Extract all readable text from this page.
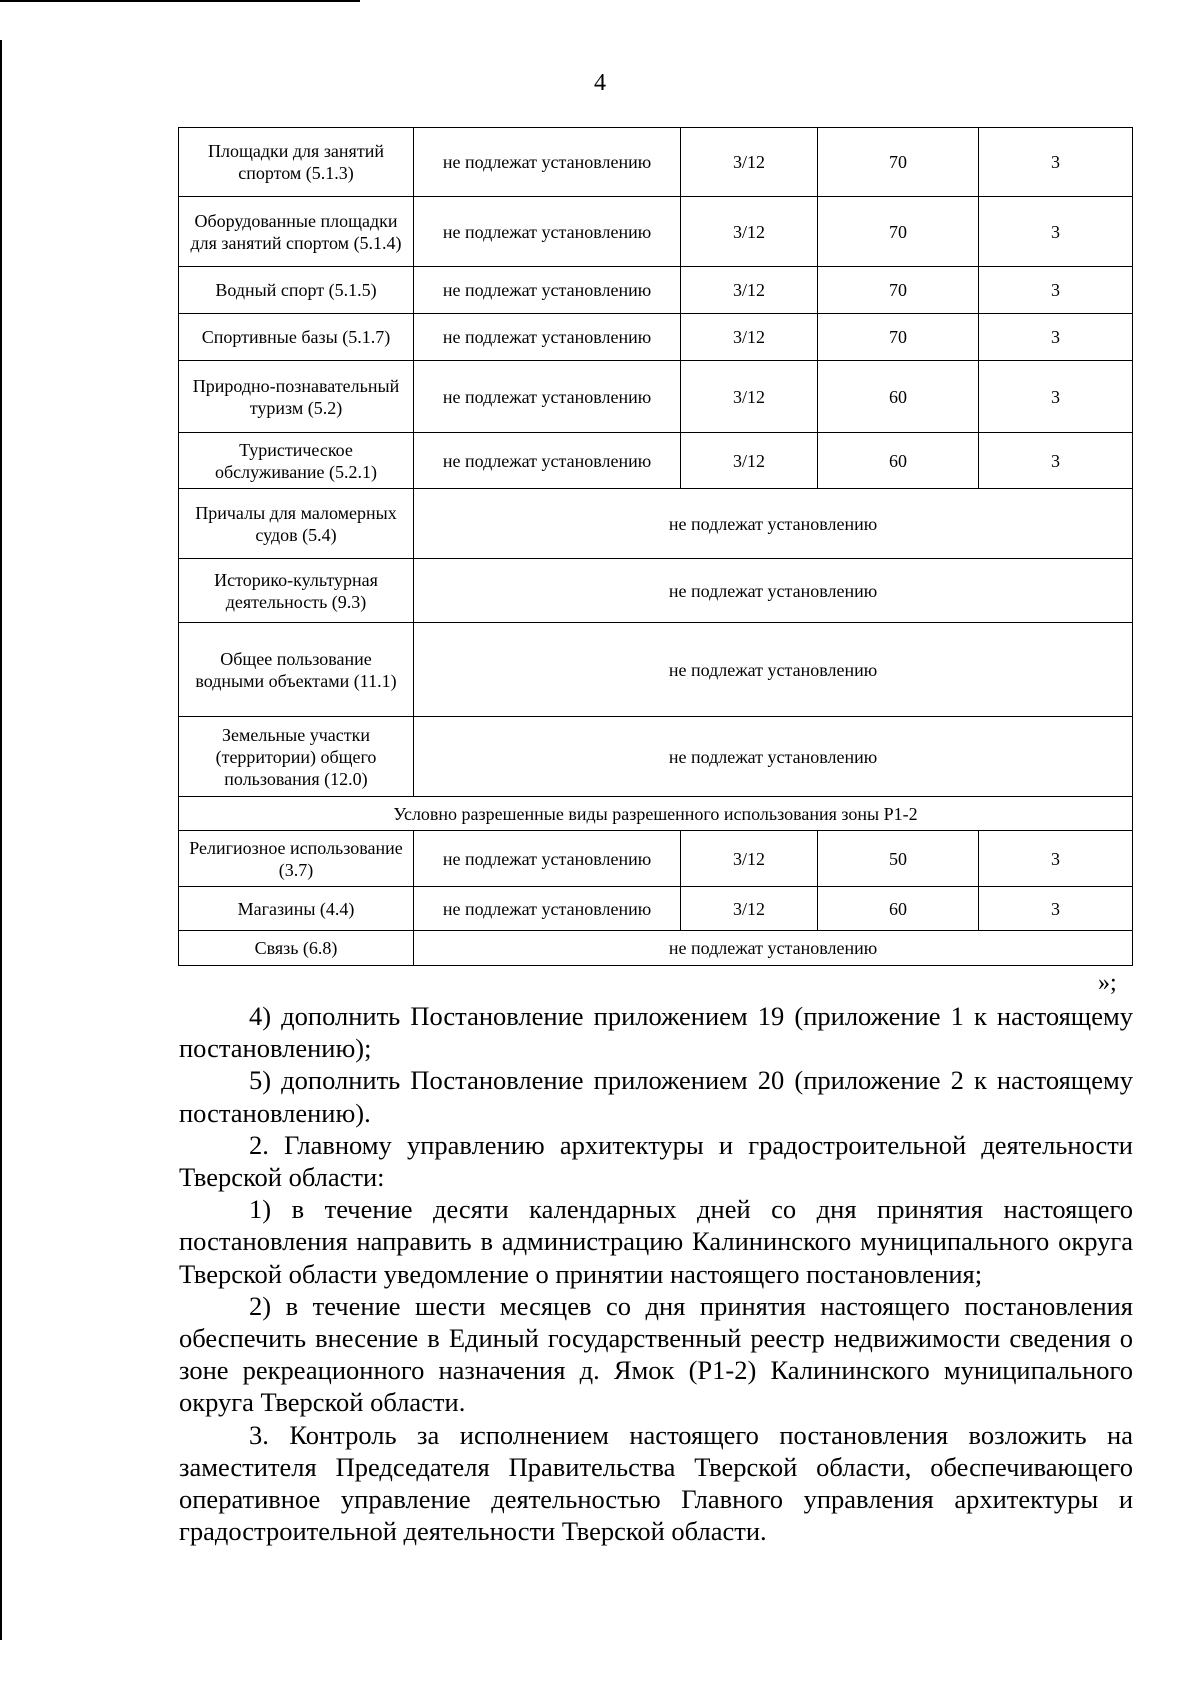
4
Площадки для занятий спортом (5.1.3)	не подлежат установлению	3/12	70	3
Оборудованные площадки для занятий спортом (5.1.4)	не подлежат установлению	3/12	70	3
Водный спорт (5.1.5)	не подлежат установлению	3/12	70	3
Спортивные базы (5.1.7)	не подлежат установлению	3/12	70	3
Природно-познавательный туризм (5.2)	не подлежат установлению	3/12	60	3
Туристическое обслуживание (5.2.1)	не подлежат установлению	3/12	60	3
Причалы для маломерных судов (5.4)	не подлежат установлению			
Историко-культурная деятельность (9.3)	не подлежат установлению			
Общее пользование водными объектами (11.1)	не подлежат установлению			
Земельные участки (территории) общего пользования (12.0)	не подлежат установлению			
Условно разрешенные виды разрешенного использования зоны Р1-2				
Религиозное использование (3.7)	не подлежат установлению	3/12	50	3
Магазины (4.4)	не подлежат установлению	3/12	60	3
Связь (6.8)	не подлежат установлению			
»;

4) дополнить Постановление приложением 19 (приложение 1 к настоящему постановлению);

5) дополнить Постановление приложением 20 (приложение 2 к настоящему постановлению).

2. Главному управлению архитектуры и градостроительной деятельности Тверской области:

1) в течение десяти календарных дней со дня принятия настоящего постановления направить в администрацию Калининского муниципального округа Тверской области уведомление о принятии настоящего постановления;

2) в течение шести месяцев со дня принятия настоящего постановления обеспечить внесение в Единый государственный реестр недвижимости сведения о зоне рекреационного назначения д. Ямок (Р1-2) Калининского муниципального округа Тверской области.

3. Контроль за исполнением настоящего постановления возложить на заместителя Председателя Правительства Тверской области, обеспечивающего оперативное управление деятельностью Главного управления архитектуры и градостроительной деятельности Тверской области.
